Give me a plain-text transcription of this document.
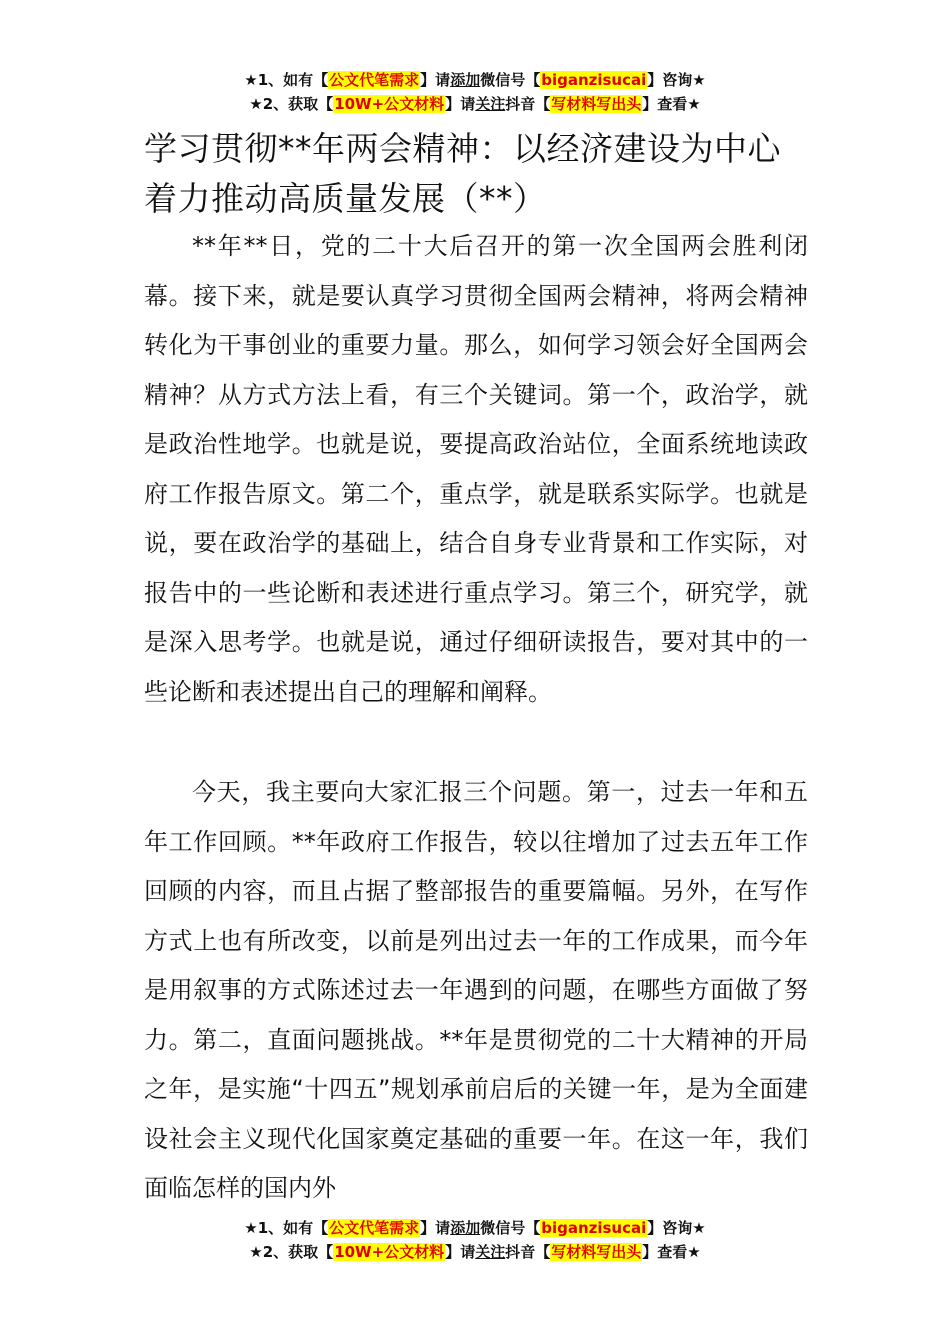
★1、如有【公文代笔需求】请添加微信号【biganzisucai】咨询★
★2、获取【10W+公文材料】请关注抖音【写材料写出头】查看★
学习贯彻**年两会精神：以经济建设为中心着力推动高质量发展（**）

**年**日，党的二十大后召开的第一次全国两会胜利闭幕。接下来，就是要认真学习贯彻全国两会精神，将两会精神转化为干事创业的重要力量。那么，如何学习领会好全国两会精神？从方式方法上看，有三个关键词。第一个，政治学，就是政治性地学。也就是说，要提高政治站位，全面系统地读政府工作报告原文。第二个，重点学，就是联系实际学。也就是说，要在政治学的基础上，结合自身专业背景和工作实际，对报告中的一些论断和表述进行重点学习。第三个，研究学，就是深入思考学。也就是说，通过仔细研读报告，要对其中的一些论断和表述提出自己的理解和阐释。

今天，我主要向大家汇报三个问题。第一，过去一年和五年工作回顾。**年政府工作报告，较以往增加了过去五年工作回顾的内容，而且占据了整部报告的重要篇幅。另外，在写作方式上也有所改变，以前是列出过去一年的工作成果，而今年是用叙事的方式陈述过去一年遇到的问题，在哪些方面做了努力。第二，直面问题挑战。**年是贯彻党的二十大精神的开局之年，是实施“十四五”规划承前启后的关键一年，是为全面建设社会主义现代化国家奠定基础的重要一年。在这一年，我们面临怎样的国内外

★1、如有【公文代笔需求】请添加微信号【biganzisucai】咨询★
★2、获取【10W+公文材料】请关注抖音【写材料写出头】查看★
